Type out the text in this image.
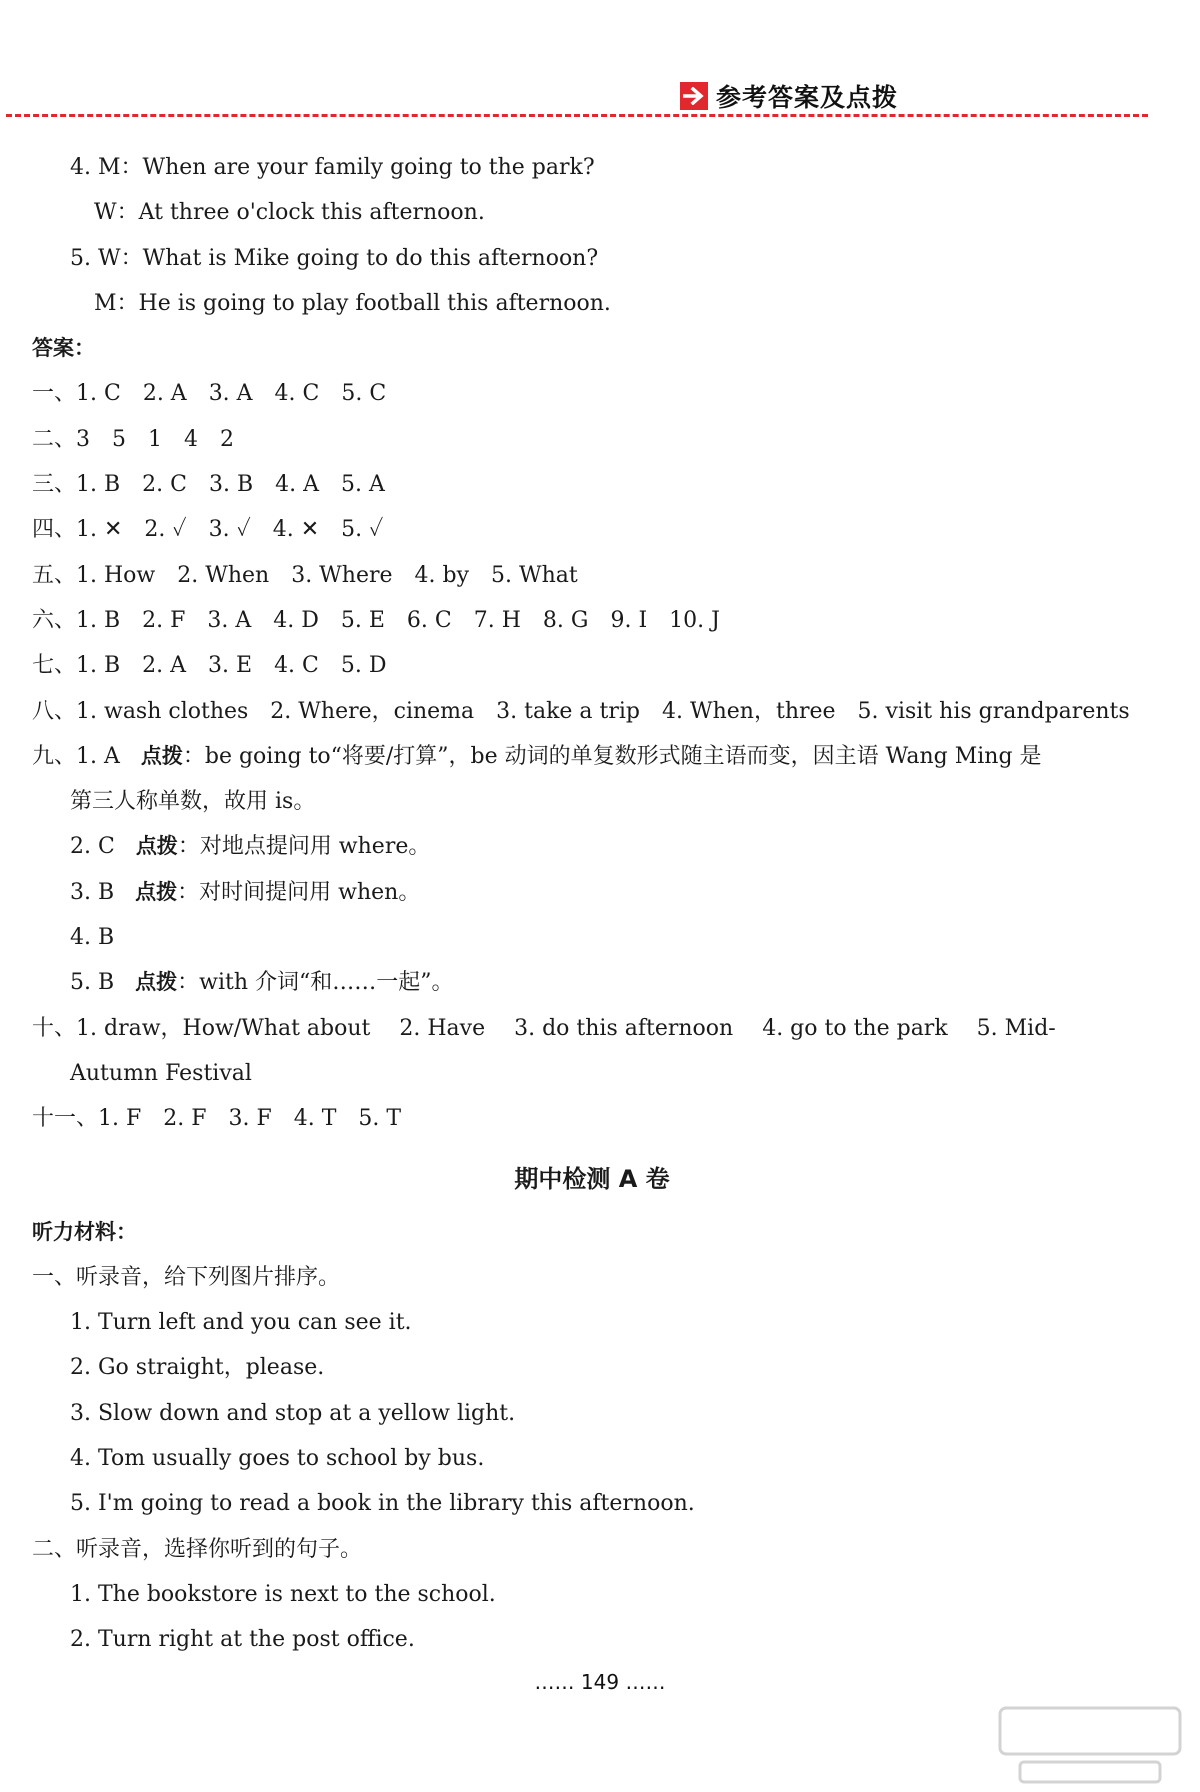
参考答案及点拨
4. M：When are your family going to the park?
W：At three o'clock this afternoon.
5. W：What is Mike going to do this afternoon?
M：He is going to play football this afternoon.
答案：
一、1. C　2. A　3. A　4. C　5. C
二、3　5　1　4　2
三、1. B　2. C　3. B　4. A　5. A
四、1. ✕　2. ✓　3. ✓　4. ✕　5. ✓
五、1. How　2. When　3. Where　4. by　5. What
六、1. B　2. F　3. A　4. D　5. E　6. C　7. H　8. G　9. I　10. J
七、1. B　2. A　3. E　4. C　5. D
八、1. wash clothes　2. Where，cinema　3. take a trip　4. When，three　5. visit his grandparents
九、1. A 点拨：be going to“将要/打算”，be 动词的单复数形式随主语而变，因主语 Wang Ming 是
第三人称单数，故用 is。
2. C 点拨：对地点提问用 where。
3. B 点拨：对时间提问用 when。
4. B
5. B 点拨：with 介词“和……一起”。
十、1. draw，How/What about　 2. Have　 3. do this afternoon　 4. go to the park　 5. Mid-
Autumn Festival
十一、1. F　2. F　3. F　4. T　5. T
期中检测 A 卷
听力材料：
一、听录音，给下列图片排序。
1. Turn left and you can see it.
2. Go straight，please.
3. Slow down and stop at a yellow light.
4. Tom usually goes to school by bus.
5. I'm going to read a book in the library this afternoon.
二、听录音，选择你听到的句子。
1. The bookstore is next to the school.
2. Turn right at the post office.
…… 149 ……
